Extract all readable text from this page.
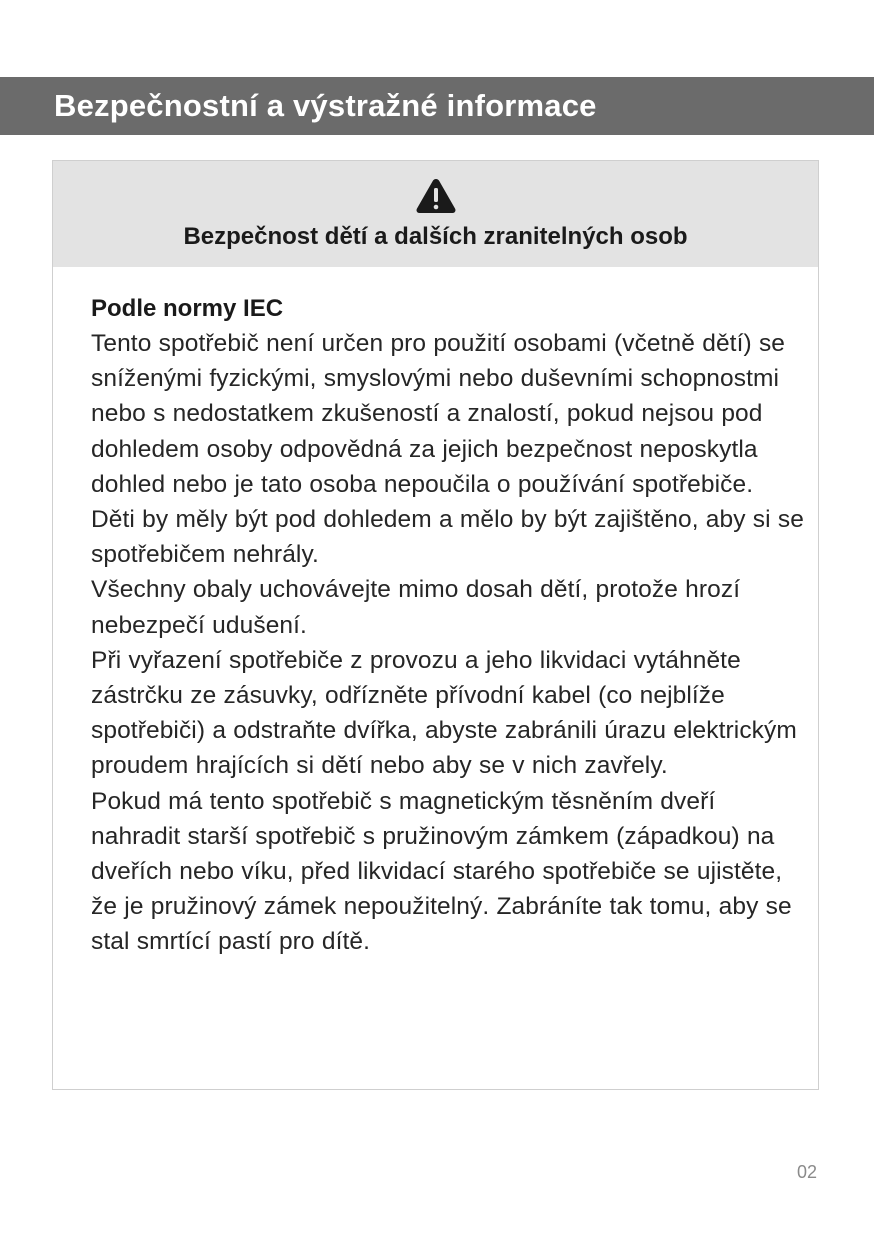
Bezpečnostní a výstražné informace
Bezpečnost dětí a dalších zranitelných osob

Podle normy IEC

Tento spotřebič není určen pro použití osobami (včetně dětí) se sníženými fyzickými, smyslovými nebo duševními schopnostmi nebo s nedostatkem zkušeností a znalostí, pokud nejsou pod dohledem osoby odpovědná za jejich bezpečnost neposkytla dohled nebo je tato osoba nepoučila o používání spotřebiče.

Děti by měly být pod dohledem a mělo by být zajištěno, aby si se spotřebičem nehrály.

Všechny obaly uchovávejte mimo dosah dětí, protože hrozí nebezpečí udušení.

Při vyřazení spotřebiče z provozu a jeho likvidaci vytáhněte zástrčku ze zásuvky, odřízněte přívodní kabel (co nejblíže spotřebiči) a odstraňte dvířka, abyste zabránili úrazu elektrickým proudem hrajících si dětí nebo aby se v nich zavřely.

Pokud má tento spotřebič s magnetickým těsněním dveří nahradit starší spotřebič s pružinovým zámkem (západkou) na dveřích nebo víku, před likvidací starého spotřebiče se ujistěte, že je pružinový zámek nepoužitelný. Zabráníte tak tomu, aby se stal smrtící pastí pro dítě.

02
